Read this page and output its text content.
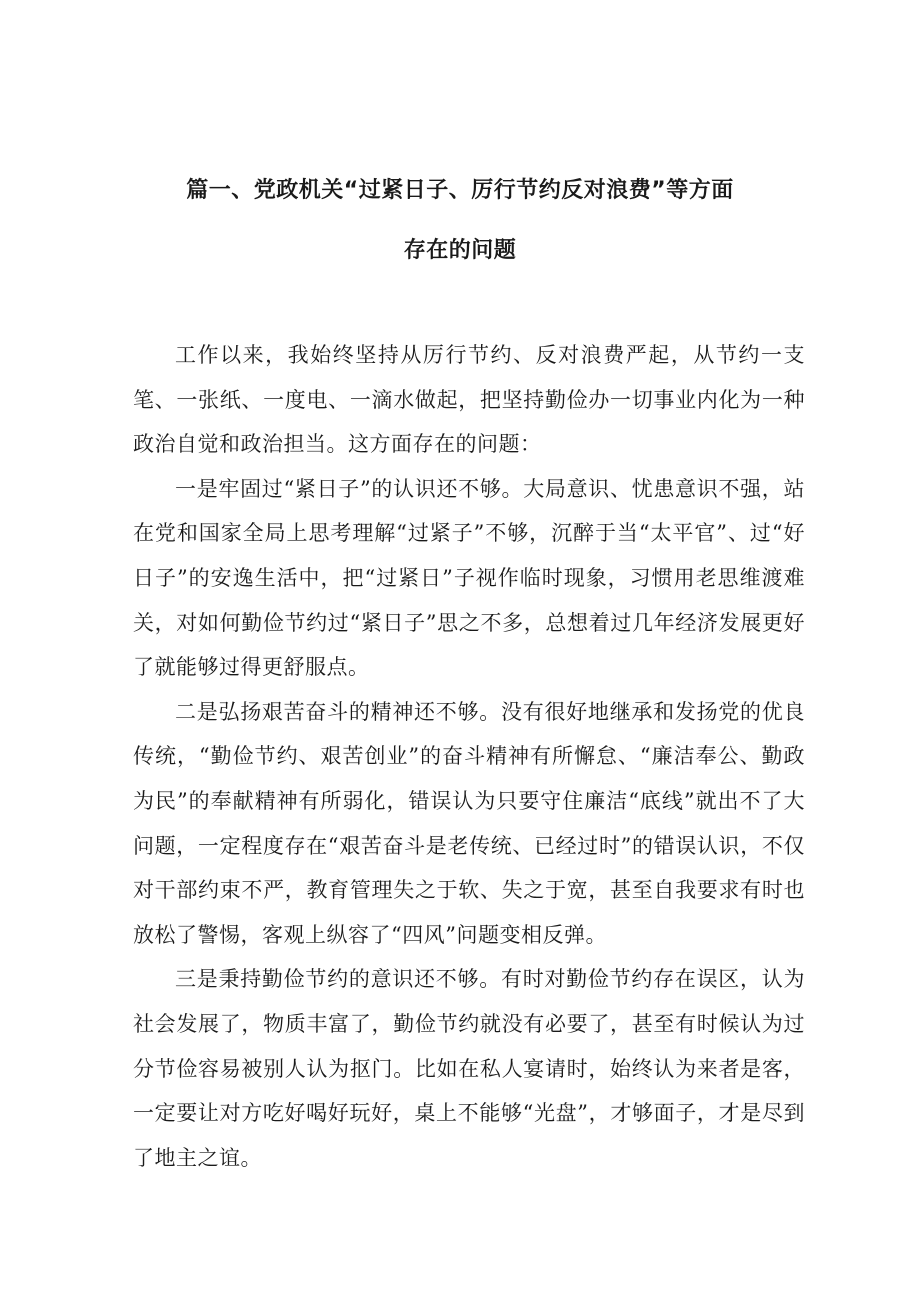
篇一、党政机关“过紧日子、厉行节约反对浪费”等方面
存在的问题

工作以来，我始终坚持从厉行节约、反对浪费严起，从节约一支笔、一张纸、一度电、一滴水做起，把坚持勤俭办一切事业内化为一种政治自觉和政治担当。这方面存在的问题：

一是牢固过“紧日子”的认识还不够。大局意识、忧患意识不强，站在党和国家全局上思考理解“过紧子”不够，沉醉于当“太平官”、过“好日子”的安逸生活中，把“过紧日”子视作临时现象，习惯用老思维渡难关，对如何勤俭节约过“紧日子”思之不多，总想着过几年经济发展更好了就能够过得更舒服点。

二是弘扬艰苦奋斗的精神还不够。没有很好地继承和发扬党的优良传统，“勤俭节约、艰苦创业”的奋斗精神有所懈怠、“廉洁奉公、勤政为民”的奉献精神有所弱化，错误认为只要守住廉洁“底线”就出不了大问题，一定程度存在“艰苦奋斗是老传统、已经过时”的错误认识，不仅对干部约束不严，教育管理失之于软、失之于宽，甚至自我要求有时也放松了警惕，客观上纵容了“四风”问题变相反弹。

三是秉持勤俭节约的意识还不够。有时对勤俭节约存在误区，认为社会发展了，物质丰富了，勤俭节约就没有必要了，甚至有时候认为过分节俭容易被别人认为抠门。比如在私人宴请时，始终认为来者是客，一定要让对方吃好喝好玩好，桌上不能够“光盘”，才够面子，才是尽到了地主之谊。
